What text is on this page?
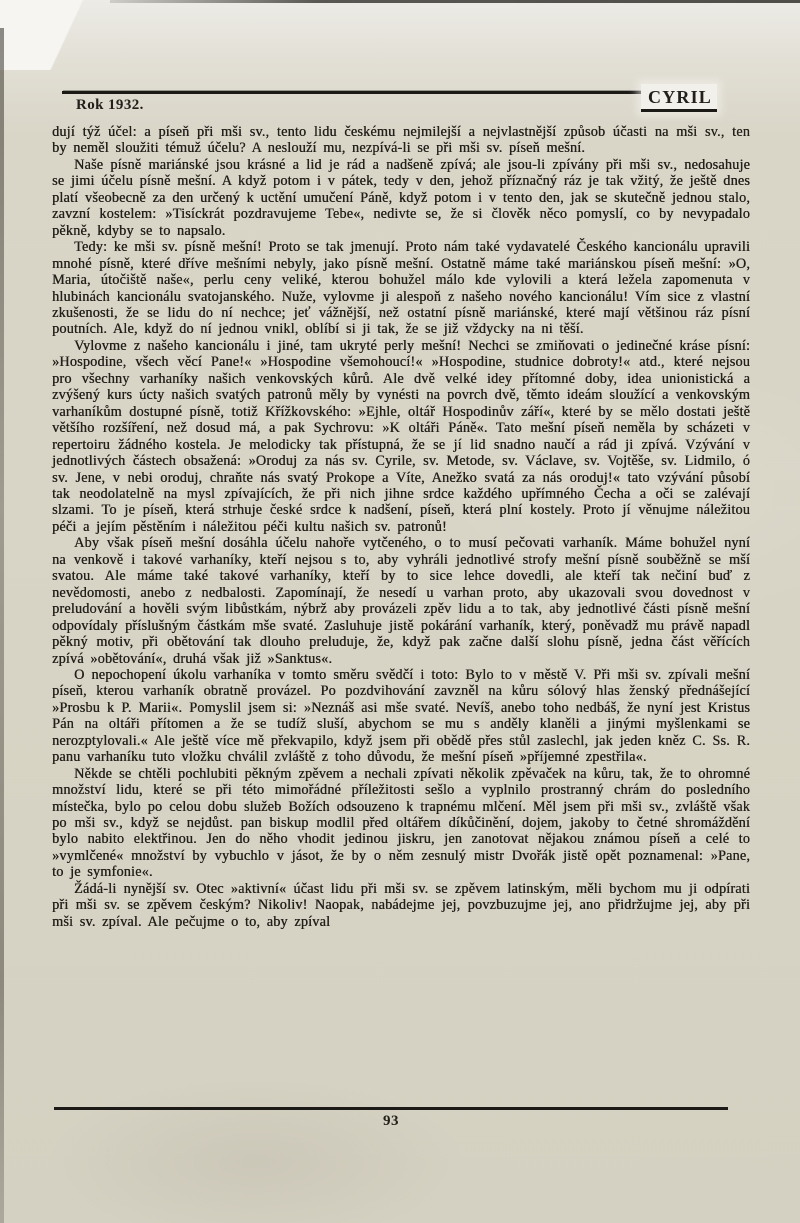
Rok 1932.	CYRIL

dují týž účel: a píseň při mši sv., tento lidu českému nejmilejší a nejvlastnější způsob účasti na mši sv., ten by neměl sloužiti témuž účelu? A neslouží mu, nezpívá-li se při mši sv. píseň mešní.

Naše písně mariánské jsou krásné a lid je rád a nadšeně zpívá; ale jsou-li zpívány při mši sv., nedosahuje se jimi účelu písně mešní. A když potom i v pátek, tedy v den, jehož příznačný ráz je tak vžitý, že ještě dnes platí všeobecně za den určený k uctění umučení Páně, když potom i v tento den, jak se skutečně jednou stalo, zavzní kostelem: »Tisíckrát pozdravujeme Tebe«, nedivte se, že si člověk něco pomyslí, co by nevypadalo pěkně, kdyby se to napsalo.

Tedy: ke mši sv. písně mešní! Proto se tak jmenují. Proto nám také vydavatelé Českého kancionálu upravili mnohé písně, které dříve mešními nebyly, jako písně mešní. Ostatně máme také mariánskou píseň mešní: »O, Maria, útočiště naše«, perlu ceny veliké, kterou bohužel málo kde vylovili a která ležela zapomenuta v hlubinách kancionálu svatojanského. Nuže, vylovme ji alespoň z našeho nového kancionálu! Vím sice z vlastní zkušenosti, že se lidu do ní nechce; jeť vážnější, než ostatní písně mariánské, které mají většinou ráz písní poutních. Ale, když do ní jednou vnikl, oblíbí si ji tak, že se již vždycky na ni těší.

Vylovme z našeho kancionálu i jiné, tam ukryté perly mešní! Nechci se zmiňovati o jedinečné kráse písní: »Hospodine, všech věcí Pane!« »Hospodine všemohoucí!« »Hospodine, studnice dobroty!« atd., které nejsou pro všechny varhaníky našich venkovských kůrů. Ale dvě velké idey přítomné doby, idea unionistická a zvýšený kurs úcty našich svatých patronů měly by vynésti na povrch dvě, těmto ideám sloužící a venkovským varhaníkům dostupné písně, totiž Křížkovského: »Ejhle, oltář Hospodinův září«, které by se mělo dostati ještě většího rozšíření, než dosud má, a pak Sychrovu: »K oltáři Páně«. Tato mešní píseň neměla by scházeti v repertoiru žádného kostela. Je melodicky tak přístupná, že se jí lid snadno naučí a rád ji zpívá. Vzývání v jednotlivých částech obsažená: »Oroduj za nás sv. Cyrile, sv. Metode, sv. Václave, sv. Vojtěše, sv. Lidmilo, ó sv. Jene, v nebi oroduj, chraňte nás svatý Prokope a Víte, Anežko svatá za nás oroduj!« tato vzývání působí tak neodolatelně na mysl zpívajících, že při nich jihne srdce každého upřímného Čecha a oči se zalévají slzami. To je píseň, která strhuje české srdce k nadšení, píseň, která plní kostely. Proto jí věnujme náležitou péči a jejím pěstěním i náležitou péči kultu našich sv. patronů!

Aby však píseň mešní dosáhla účelu nahoře vytčeného, o to musí pečovati varhaník. Máme bohužel nyní na venkově i takové varhaníky, kteří nejsou s to, aby vyhráli jednotlivé strofy mešní písně souběžně se mší svatou. Ale máme také takové varhaníky, kteří by to sice lehce dovedli, ale kteří tak nečiní buď z nevědomosti, anebo z nedbalosti. Zapomínají, že nesedí u varhan proto, aby ukazovali svou dovednost v preludování a hověli svým libůstkám, nýbrž aby provázeli zpěv lidu a to tak, aby jednotlivé části písně mešní odpovídaly příslušným částkám mše svaté. Zasluhuje jistě pokárání varhaník, který, poněvadž mu právě napadl pěkný motiv, při obětování tak dlouho preluduje, že, když pak začne další slohu písně, jedna část věřících zpívá »obětování«, druhá však již »Sanktus«.

O nepochopení úkolu varhaníka v tomto směru svědčí i toto: Bylo to v městě V. Při mši sv. zpívali mešní píseň, kterou varhaník obratně provázel. Po pozdvihování zavzněl na kůru sólový hlas ženský přednášející »Prosbu k P. Marii«. Pomyslil jsem si: »Neznáš asi mše svaté. Nevíš, anebo toho nedbáš, že nyní jest Kristus Pán na oltáři přítomen a že se tudíž sluší, abychom se mu s anděly klaněli a jinými myšlenkami se nerozptylovali.« Ale ještě více mě překvapilo, když jsem při obědě přes stůl zaslechl, jak jeden kněz C. Ss. R. panu varhaníku tuto vložku chválil zvláště z toho důvodu, že mešní píseň »příjemné zpestřila«.

Někde se chtěli pochlubiti pěkným zpěvem a nechali zpívati několik zpěvaček na kůru, tak, že to ohromné množství lidu, které se při této mimořádné příležitosti sešlo a vyplnilo prostranný chrám do posledního místečka, bylo po celou dobu služeb Božích odsouzeno k trapnému mlčení. Měl jsem při mši sv., zvláště však po mši sv., když se nejdůst. pan biskup modlil před oltářem díkůčinění, dojem, jakoby to četné shromáždění bylo nabito elektřinou. Jen do něho vhodit jedinou jiskru, jen zanotovat nějakou známou píseň a celé to »vymlčené« množství by vybuchlo v jásot, že by o něm zesnulý mistr Dvořák jistě opět poznamenal: »Pane, to je symfonie«.

Žádá-li nynější sv. Otec »aktivní« účast lidu při mši sv. se zpěvem latinským, měli bychom mu ji odpírati při mši sv. se zpěvem českým? Nikoliv! Naopak, nabádejme jej, povzbuzujme jej, ano přidržujme jej, aby při mši sv. zpíval. Ale pečujme o to, aby zpíval

93
